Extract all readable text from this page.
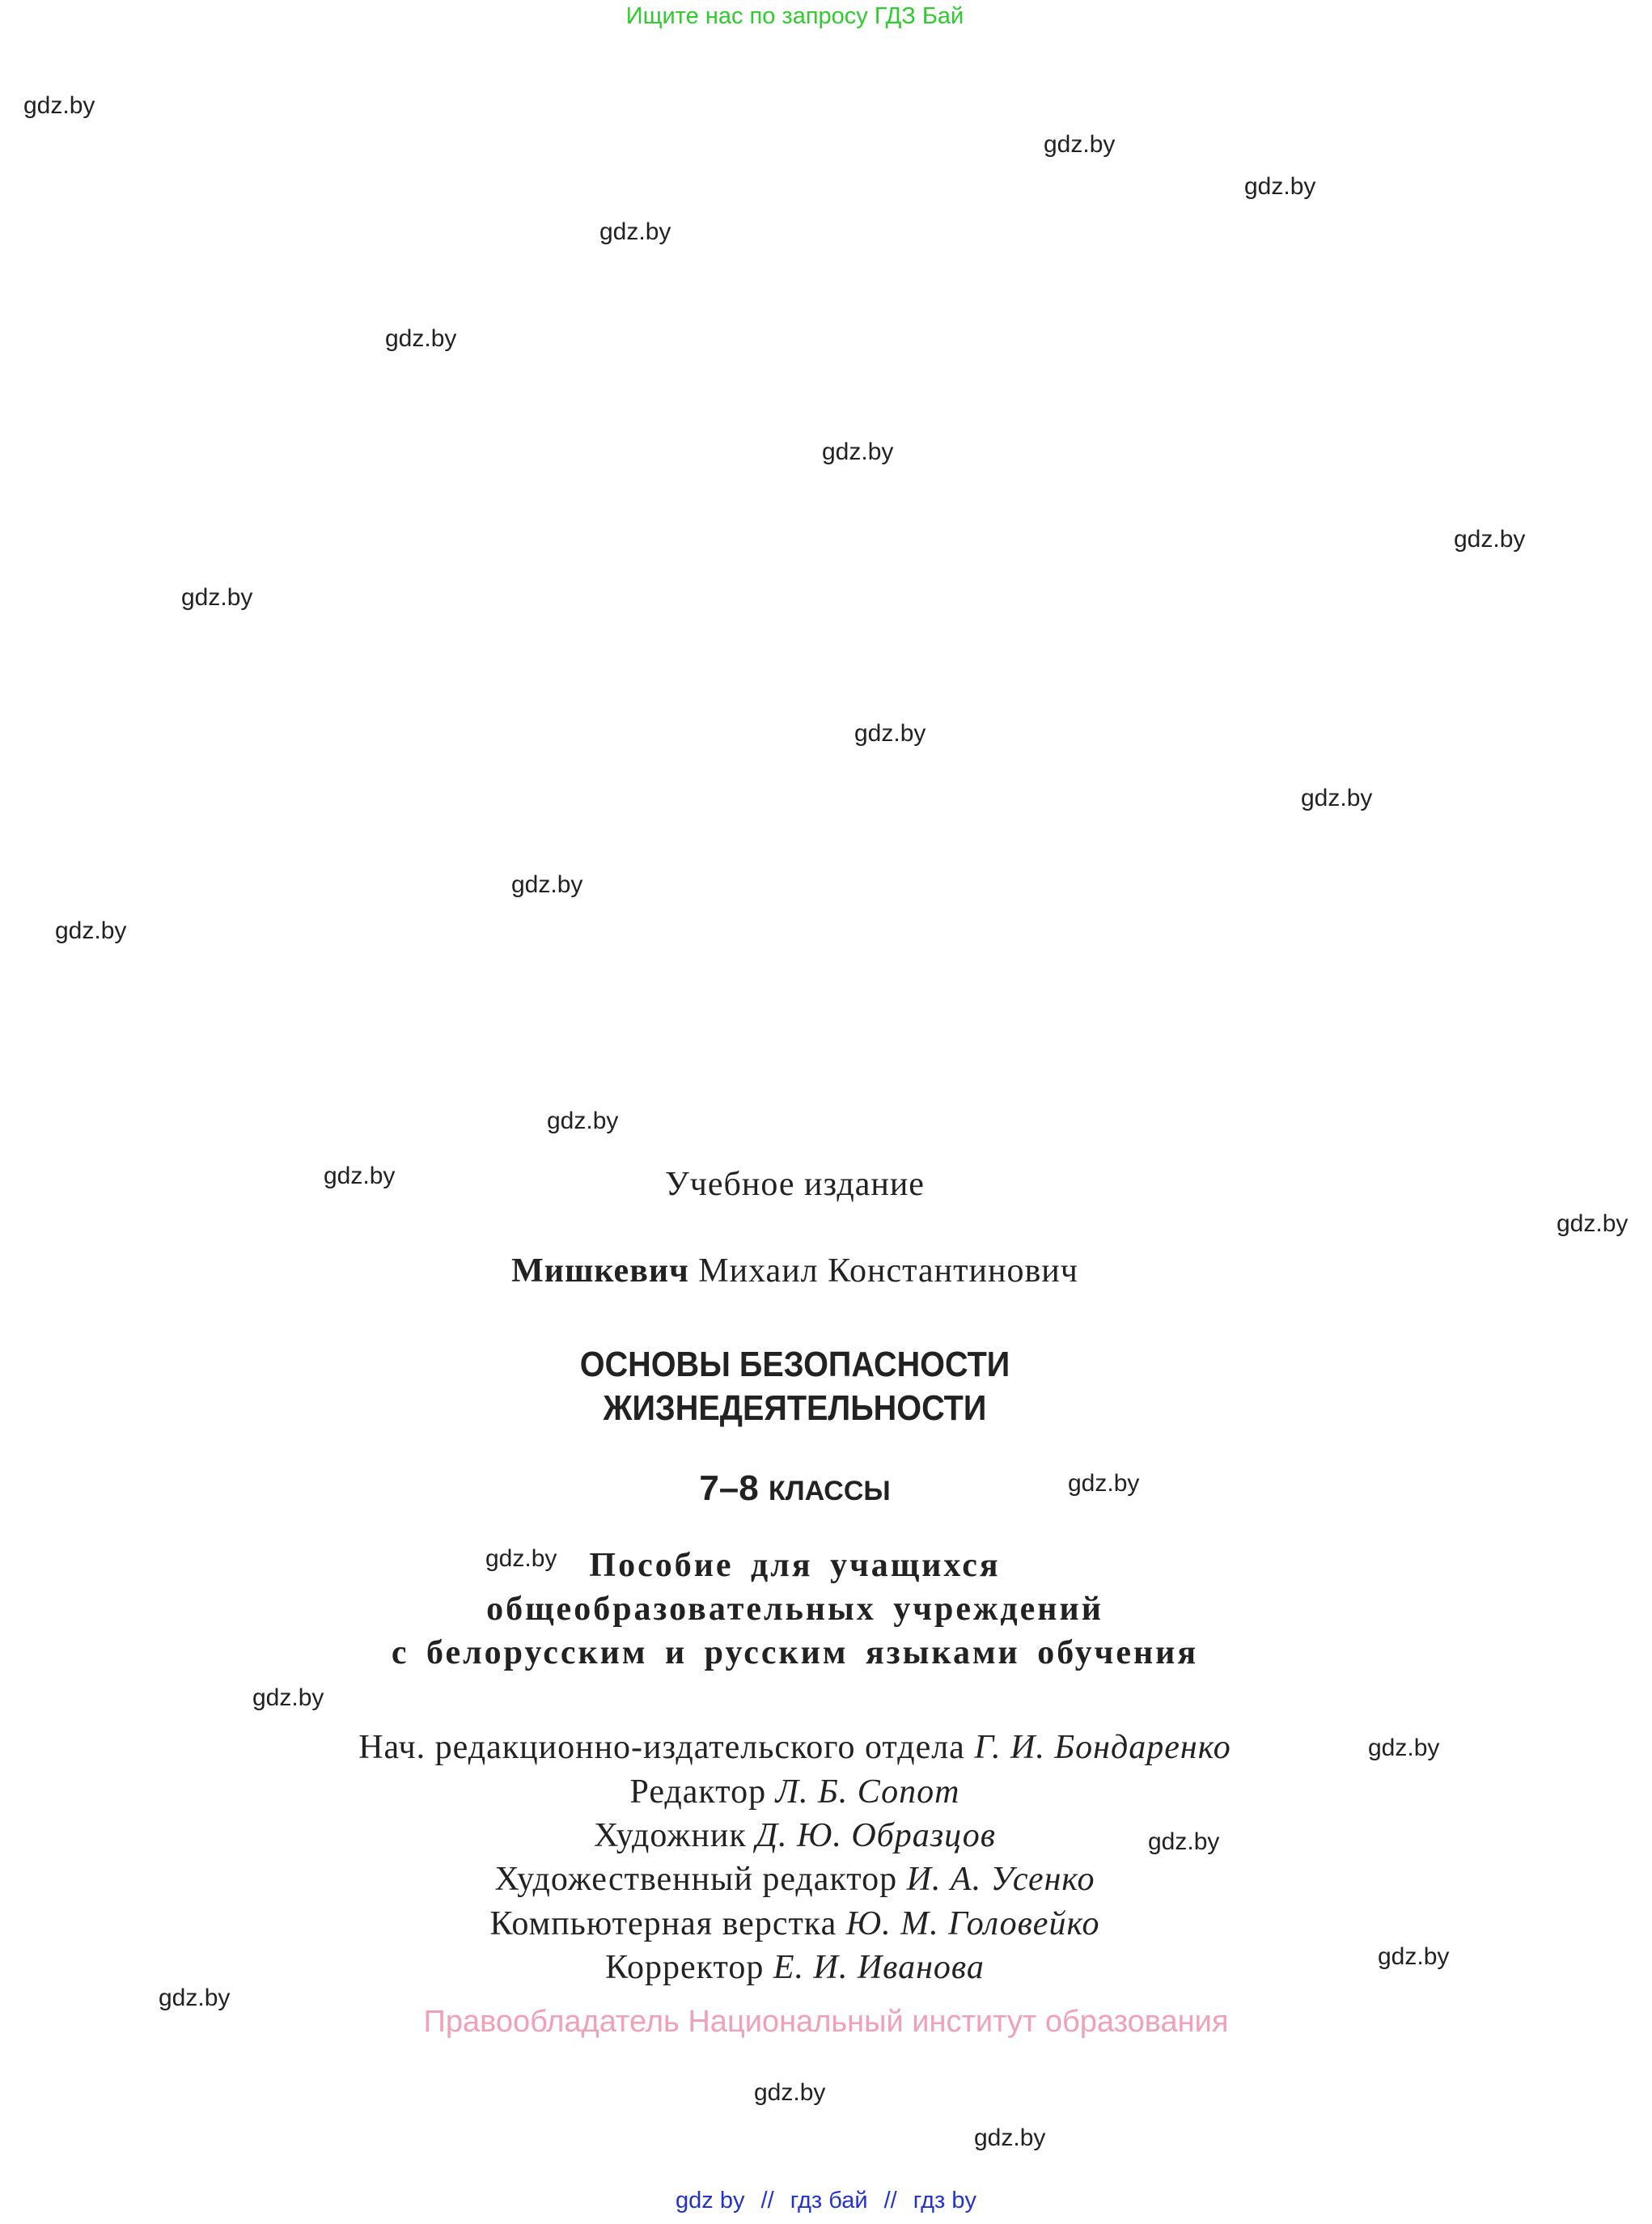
Ищите нас по запросу ГДЗ Бай
gdz.by
gdz.by
gdz.by
gdz.by
gdz.by
gdz.by
gdz.by
gdz.by
gdz.by
gdz.by
gdz.by
gdz.by
gdz.by
gdz.by
gdz.by
gdz.by
gdz.by
gdz.by
gdz.by
gdz.by
gdz.by
gdz.by
gdz.by
gdz.by
Учебное издание
Мишкевич Михаил Константинович
ОСНОВЫ БЕЗОПАСНОСТИ
ЖИЗНЕДЕЯТЕЛЬНОСТИ
7–8 КЛАССЫ
Пособие для учащихся
общеобразовательных учреждений
с белорусским и русским языками обучения
Нач. редакционно-издательского отдела Г. И. Бондаренко
Редактор Л. Б. Сопот
Художник Д. Ю. Образцов
Художественный редактор И. А. Усенко
Компьютерная верстка Ю. М. Головейко
Корректор Е. И. Иванова
Правообладатель Национальный институт образования
gdz by // гдз бай // гдз by
